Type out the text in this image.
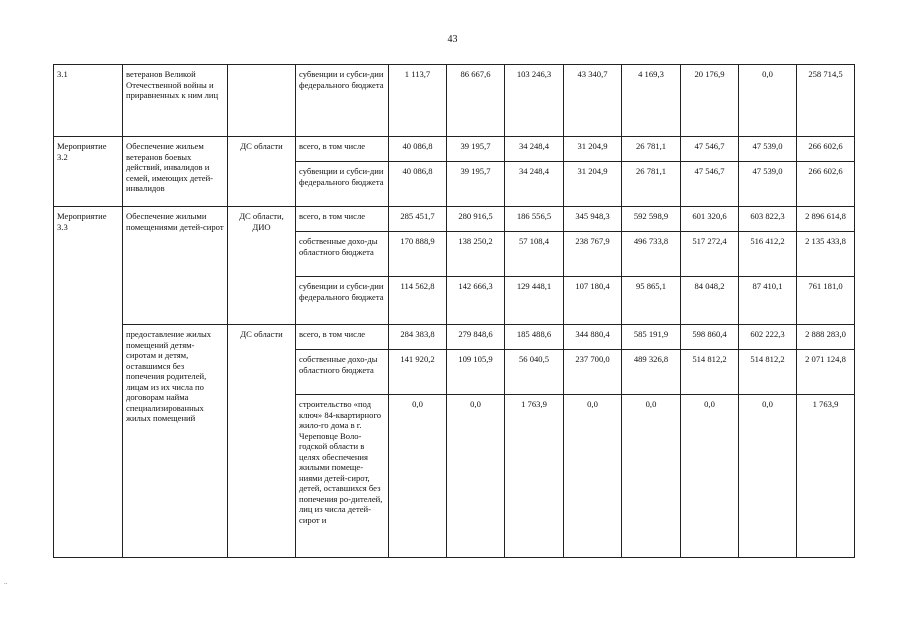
43
3.1	ветеранов Великой Отечественной войны и приравненных к ним лиц		субвенции и субси-дии федерального бюджета	1 113,7	86 667,6	103 246,3	43 340,7	4 169,3	20 176,9	0,0	258 714,5
Мероприятие 3.2	Обеспечение жильем ветеранов боевых действий, инвалидов и семей, имеющих детей-инвалидов	ДС области	всего, в том числе	40 086,8	39 195,7	34 248,4	31 204,9	26 781,1	47 546,7	47 539,0	266 602,6
			субвенции и субси-дии федерального бюджета	40 086,8	39 195,7	34 248,4	31 204,9	26 781,1	47 546,7	47 539,0	266 602,6
Мероприятие 3.3	Обеспечение жилыми помещениями детей-сирот	ДС области, ДИО	всего, в том числе	285 451,7	280 916,5	186 556,5	345 948,3	592 598,9	601 320,6	603 822,3	2 896 614,8
			собственные дохо-ды областного бюджета	170 888,9	138 250,2	57 108,4	238 767,9	496 733,8	517 272,4	516 412,2	2 135 433,8
			субвенции и субси-дии федерального бюджета	114 562,8	142 666,3	129 448,1	107 180,4	95 865,1	84 048,2	87 410,1	761 181,0
	предоставление жилых помещений детям-сиротам и детям, оставшимся без попечения родителей, лицам из их числа по договорам найма специализированных жилых помещений	ДС области	всего, в том числе	284 383,8	279 848,6	185 488,6	344 880,4	585 191,9	598 860,4	602 222,3	2 888 283,0
			собственные дохо-ды областного бюджета	141 920,2	109 105,9	56 040,5	237 700,0	489 326,8	514 812,2	514 812,2	2 071 124,8
			строительство «под ключ» 84-квартирного жило-го дома в г. Череповце Воло-годской области в целях обеспечения жилыми помеще-ниями детей-сирот, детей, оставшихся без попечения ро-дителей, лиц из числа детей-сирот и	0,0	0,0	1 763,9	0,0	0,0	0,0	0,0	1 763,9
..
